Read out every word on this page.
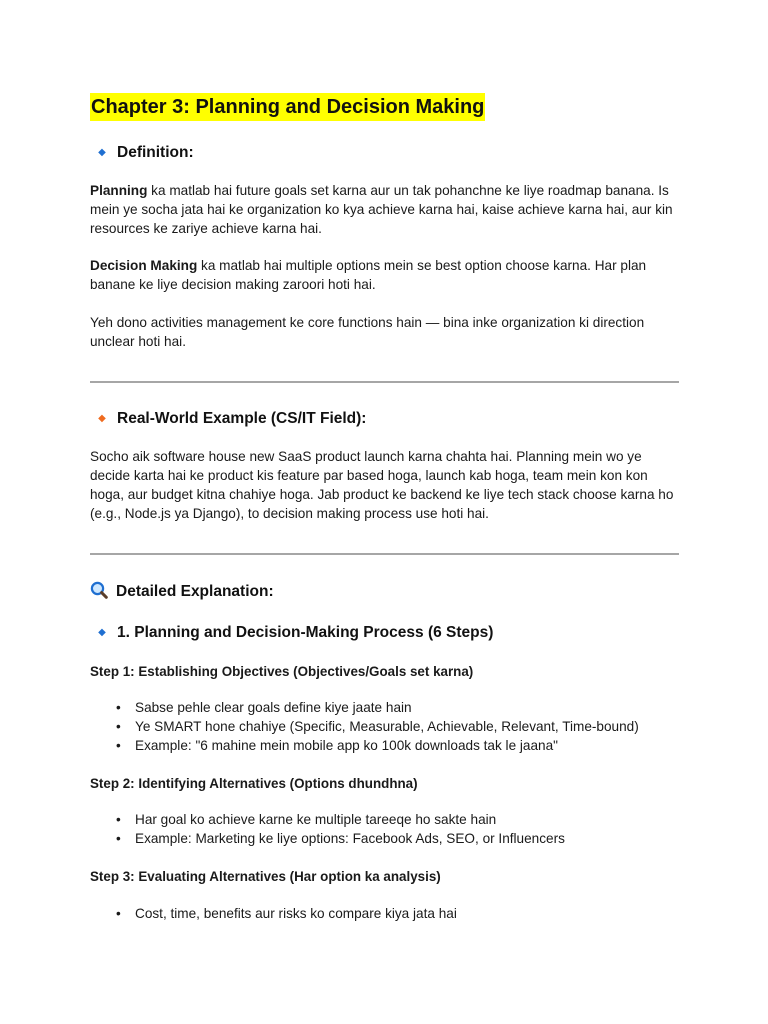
Chapter 3: Planning and Decision Making
◆ Definition:
Planning ka matlab hai future goals set karna aur un tak pohanchne ke liye roadmap banana. Is mein ye socha jata hai ke organization ko kya achieve karna hai, kaise achieve karna hai, aur kin resources ke zariye achieve karna hai.
Decision Making ka matlab hai multiple options mein se best option choose karna. Har plan banane ke liye decision making zaroori hoti hai.
Yeh dono activities management ke core functions hain — bina inke organization ki direction unclear hoti hai.
◆ Real-World Example (CS/IT Field):
Socho aik software house new SaaS product launch karna chahta hai. Planning mein wo ye decide karta hai ke product kis feature par based hoga, launch kab hoga, team mein kon kon hoga, aur budget kitna chahiye hoga. Jab product ke backend ke liye tech stack choose karna ho (e.g., Node.js ya Django), to decision making process use hoti hai.
Detailed Explanation:
◆ 1. Planning and Decision-Making Process (6 Steps)
Step 1: Establishing Objectives (Objectives/Goals set karna)
• Sabse pehle clear goals define kiye jaate hain
• Ye SMART hone chahiye (Specific, Measurable, Achievable, Relevant, Time-bound)
• Example: "6 mahine mein mobile app ko 100k downloads tak le jaana"
Step 2: Identifying Alternatives (Options dhundhna)
• Har goal ko achieve karne ke multiple tareeqe ho sakte hain
• Example: Marketing ke liye options: Facebook Ads, SEO, or Influencers
Step 3: Evaluating Alternatives (Har option ka analysis)
• Cost, time, benefits aur risks ko compare kiya jata hai
